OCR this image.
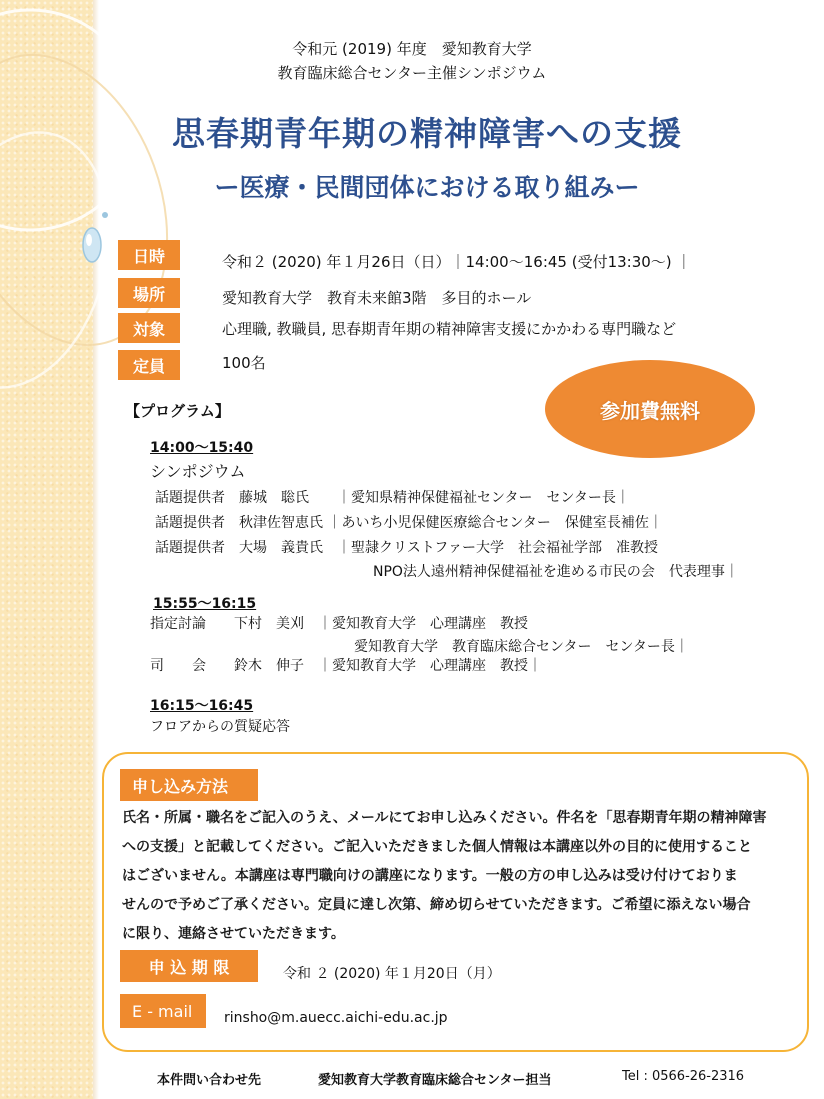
令和元 (2019) 年度　愛知教育大学
教育臨床総合センター主催シンポジウム
思春期青年期の精神障害への支援
ー医療・民間団体における取り組みー
日時	令和２ (2020) 年１月26日（日）｜14:00〜16:45 (受付13:30〜) ｜
場所	愛知教育大学　教育未来館3階　多目的ホール
対象	心理職, 教職員, 思春期青年期の精神障害支援にかかわる専門職など
定員	100名
参加費無料
【プログラム】
14:00〜15:40
シンポジウム
話題提供者　藤城　聡氏　　｜愛知県精神保健福祉センター　センター長｜
話題提供者　秋津佐智恵氏 ｜あいち小児保健医療総合センター　保健室長補佐｜
話題提供者　大場　義貴氏　｜聖隷クリストファー大学　社会福祉学部　准教授
NPO法人遠州精神保健福祉を進める市民の会　代表理事｜
15:55〜16:15
指定討論　　下村　美刈　｜愛知教育大学　心理講座　教授
愛知教育大学　教育臨床総合センター　センター長｜
司　　会　　鈴木　伸子　｜愛知教育大学　心理講座　教授｜
16:15〜16:45
フロアからの質疑応答
申し込み方法
氏名・所属・職名をご記入のうえ、メールにてお申し込みください。件名を「思春期青年期の精神障害
への支援」と記載してください。ご記入いただきました個人情報は本講座以外の目的に使用すること
はございません。本講座は専門職向けの講座になります。一般の方の申し込みは受け付けておりま
せんので予めご了承ください。定員に達し次第、締め切らせていただきます。ご希望に添えない場合
に限り、連絡させていただきます。
申 込 期 限	令和 ２ (2020) 年１月20日（月）
E - mail	rinsho@m.auecc.aichi-edu.ac.jp
本件問い合わせ先	愛知教育大学教育臨床総合センター担当	Tel : 0566-26-2316
